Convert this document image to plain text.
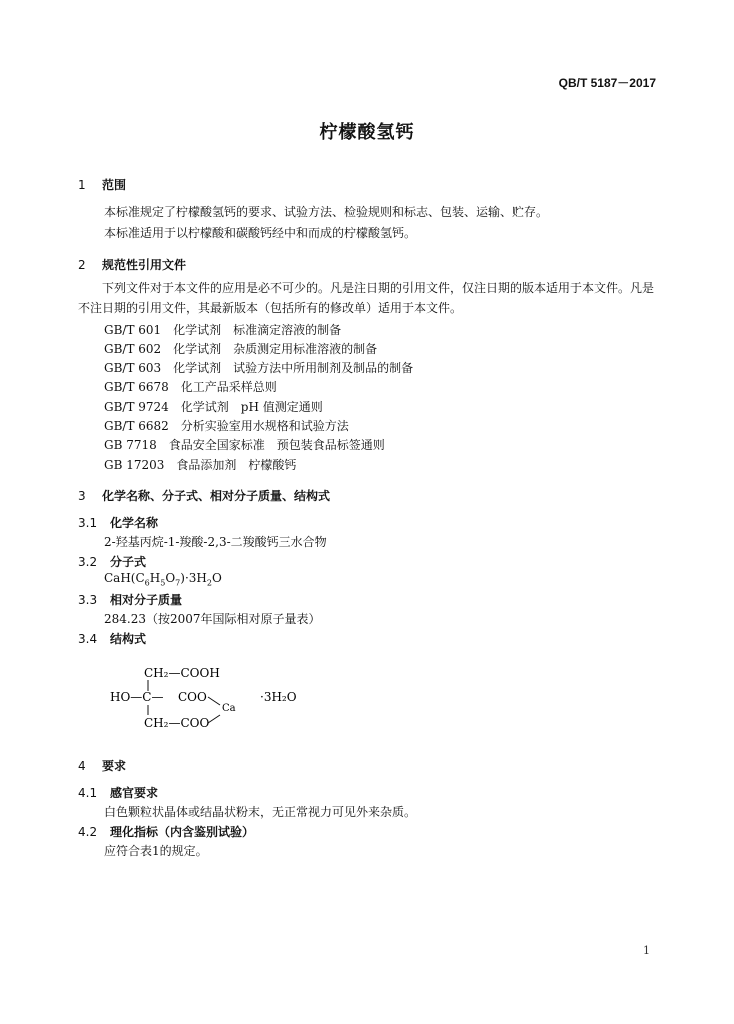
QB/T 5187－2017
柠檬酸氢钙
1 范围
本标准规定了柠檬酸氢钙的要求、试验方法、检验规则和标志、包装、运输、贮存。
本标准适用于以柠檬酸和碳酸钙经中和而成的柠檬酸氢钙。
2 规范性引用文件
下列文件对于本文件的应用是必不可少的。凡是注日期的引用文件，仅注日期的版本适用于本文件。凡是不注日期的引用文件，其最新版本（包括所有的修改单）适用于本文件。
GB/T 601　化学试剂　标准滴定溶液的制备
GB/T 602　化学试剂　杂质测定用标准溶液的制备
GB/T 603　化学试剂　试验方法中所用制剂及制品的制备
GB/T 6678　化工产品采样总则
GB/T 9724　化学试剂　pH 值测定通则
GB/T 6682　分析实验室用水规格和试验方法
GB 7718　食品安全国家标准　预包装食品标签通则
GB 17203　食品添加剂　柠檬酸钙
3 化学名称、分子式、相对分子质量、结构式
3.1 化学名称
2-羟基丙烷-1-羧酸-2,3-二羧酸钙三水合物
3.2 分子式
$CaH(C_6H_5O_7)\cdot 3H_2O$
3.3 相对分子质量
284.23（按2007年国际相对原子量表）
3.4 结构式
CH₂—COOH
HO—C— COO
Ca
·3H₂O
CH₂—COO
4 要求
4.1 感官要求
白色颗粒状晶体或结晶状粉末，无正常视力可见外来杂质。
4.2 理化指标（内含鉴别试验）
应符合表1的规定。
1
